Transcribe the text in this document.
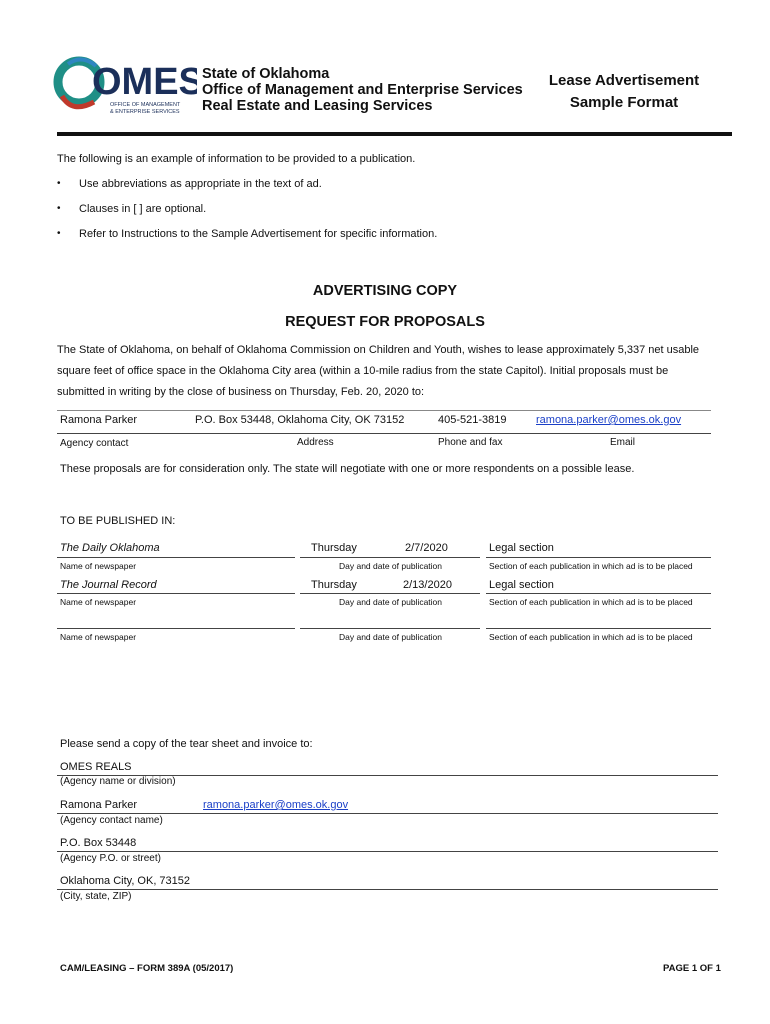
OMES
OFFICE OF MANAGEMENT
& ENTERPRISE SERVICES
State of Oklahoma
Office of Management and Enterprise Services
Real Estate and Leasing Services
Lease Advertisement
Sample Format
The following is an example of information to be provided to a publication.
• Use abbreviations as appropriate in the text of ad.
• Clauses in [ ] are optional.
• Refer to Instructions to the Sample Advertisement for specific information.
ADVERTISING COPY
REQUEST FOR PROPOSALS
The State of Oklahoma, on behalf of Oklahoma Commission on Children and Youth, wishes to lease approximately 5,337 net usable
square feet of office space in the Oklahoma City area (within a 10-mile radius from the state Capitol). Initial proposals must be
submitted in writing by the close of business on Thursday, Feb. 20, 2020 to:
Ramona Parker	P.O. Box 53448, Oklahoma City, OK 73152	405-521-3819	ramona.parker@omes.ok.gov
Agency contact	Address	Phone and fax	Email
These proposals are for consideration only. The state will negotiate with one or more respondents on a possible lease.
TO BE PUBLISHED IN:
The Daily Oklahoma	Thursday	2/7/2020	Legal section
Name of newspaper	Day and date of publication	Section of each publication in which ad is to be placed
The Journal Record	Thursday	2/13/2020	Legal section
Name of newspaper	Day and date of publication	Section of each publication in which ad is to be placed
Name of newspaper	Day and date of publication	Section of each publication in which ad is to be placed
Please send a copy of the tear sheet and invoice to:
OMES REALS
(Agency name or division)
Ramona Parker	ramona.parker@omes.ok.gov
(Agency contact name)
P.O. Box 53448
(Agency P.O. or street)
Oklahoma City, OK, 73152
(City, state, ZIP)
CAM/LEASING – FORM 389A (05/2017)	PAGE 1 OF 1
